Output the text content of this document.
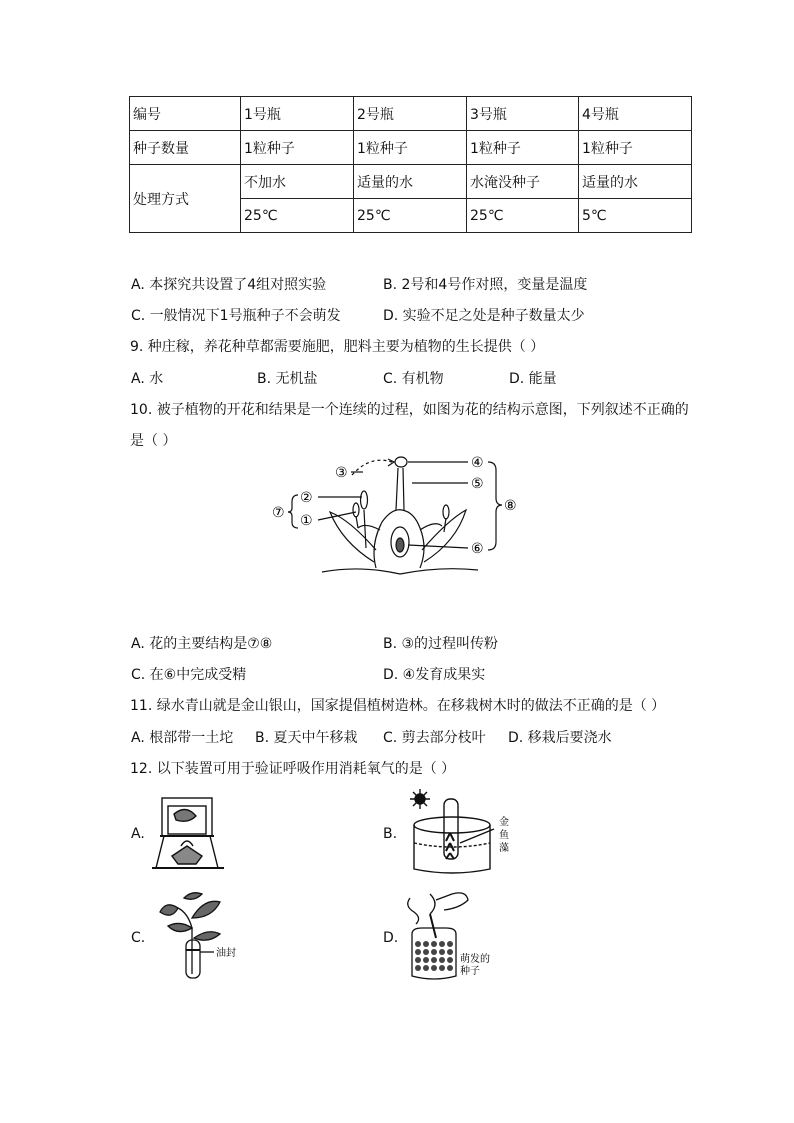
编号	1号瓶	2号瓶	3号瓶	4号瓶
种子数量	1粒种子	1粒种子	1粒种子	1粒种子
处理方式	不加水	适量的水	水淹没种子	适量的水
	25℃	25℃	25℃	5℃
A. 本探究共设置了4组对照实验	B. 2号和4号作对照，变量是温度
C. 一般情况下1号瓶种子不会萌发	D. 实验不足之处是种子数量太少
9. 种庄稼，养花种草都需要施肥，肥料主要为植物的生长提供（ ）
A. 水	B. 无机盐	C. 有机物	D. 能量
10. 被子植物的开花和结果是一个连续的过程，如图为花的结构示意图，下列叙述不正确的
是（ ）
③
②
⑦ ①
④
⑤
⑧
⑥
A. 花的主要结构是⑦⑧	B. ③的过程叫传粉
C. 在⑥中完成受精	D. ④发育成果实
11. 绿水青山就是金山银山，国家提倡植树造林。在移栽树木时的做法不正确的是（ ）
A. 根部带一土坨 B. 夏天中午移栽 C. 剪去部分枝叶 D. 移栽后要浇水
12. 以下装置可用于验证呼吸作用消耗氧气的是（ ）
A.	B.
金
鱼
藻
C.
油封
D.
萌发的
种子
